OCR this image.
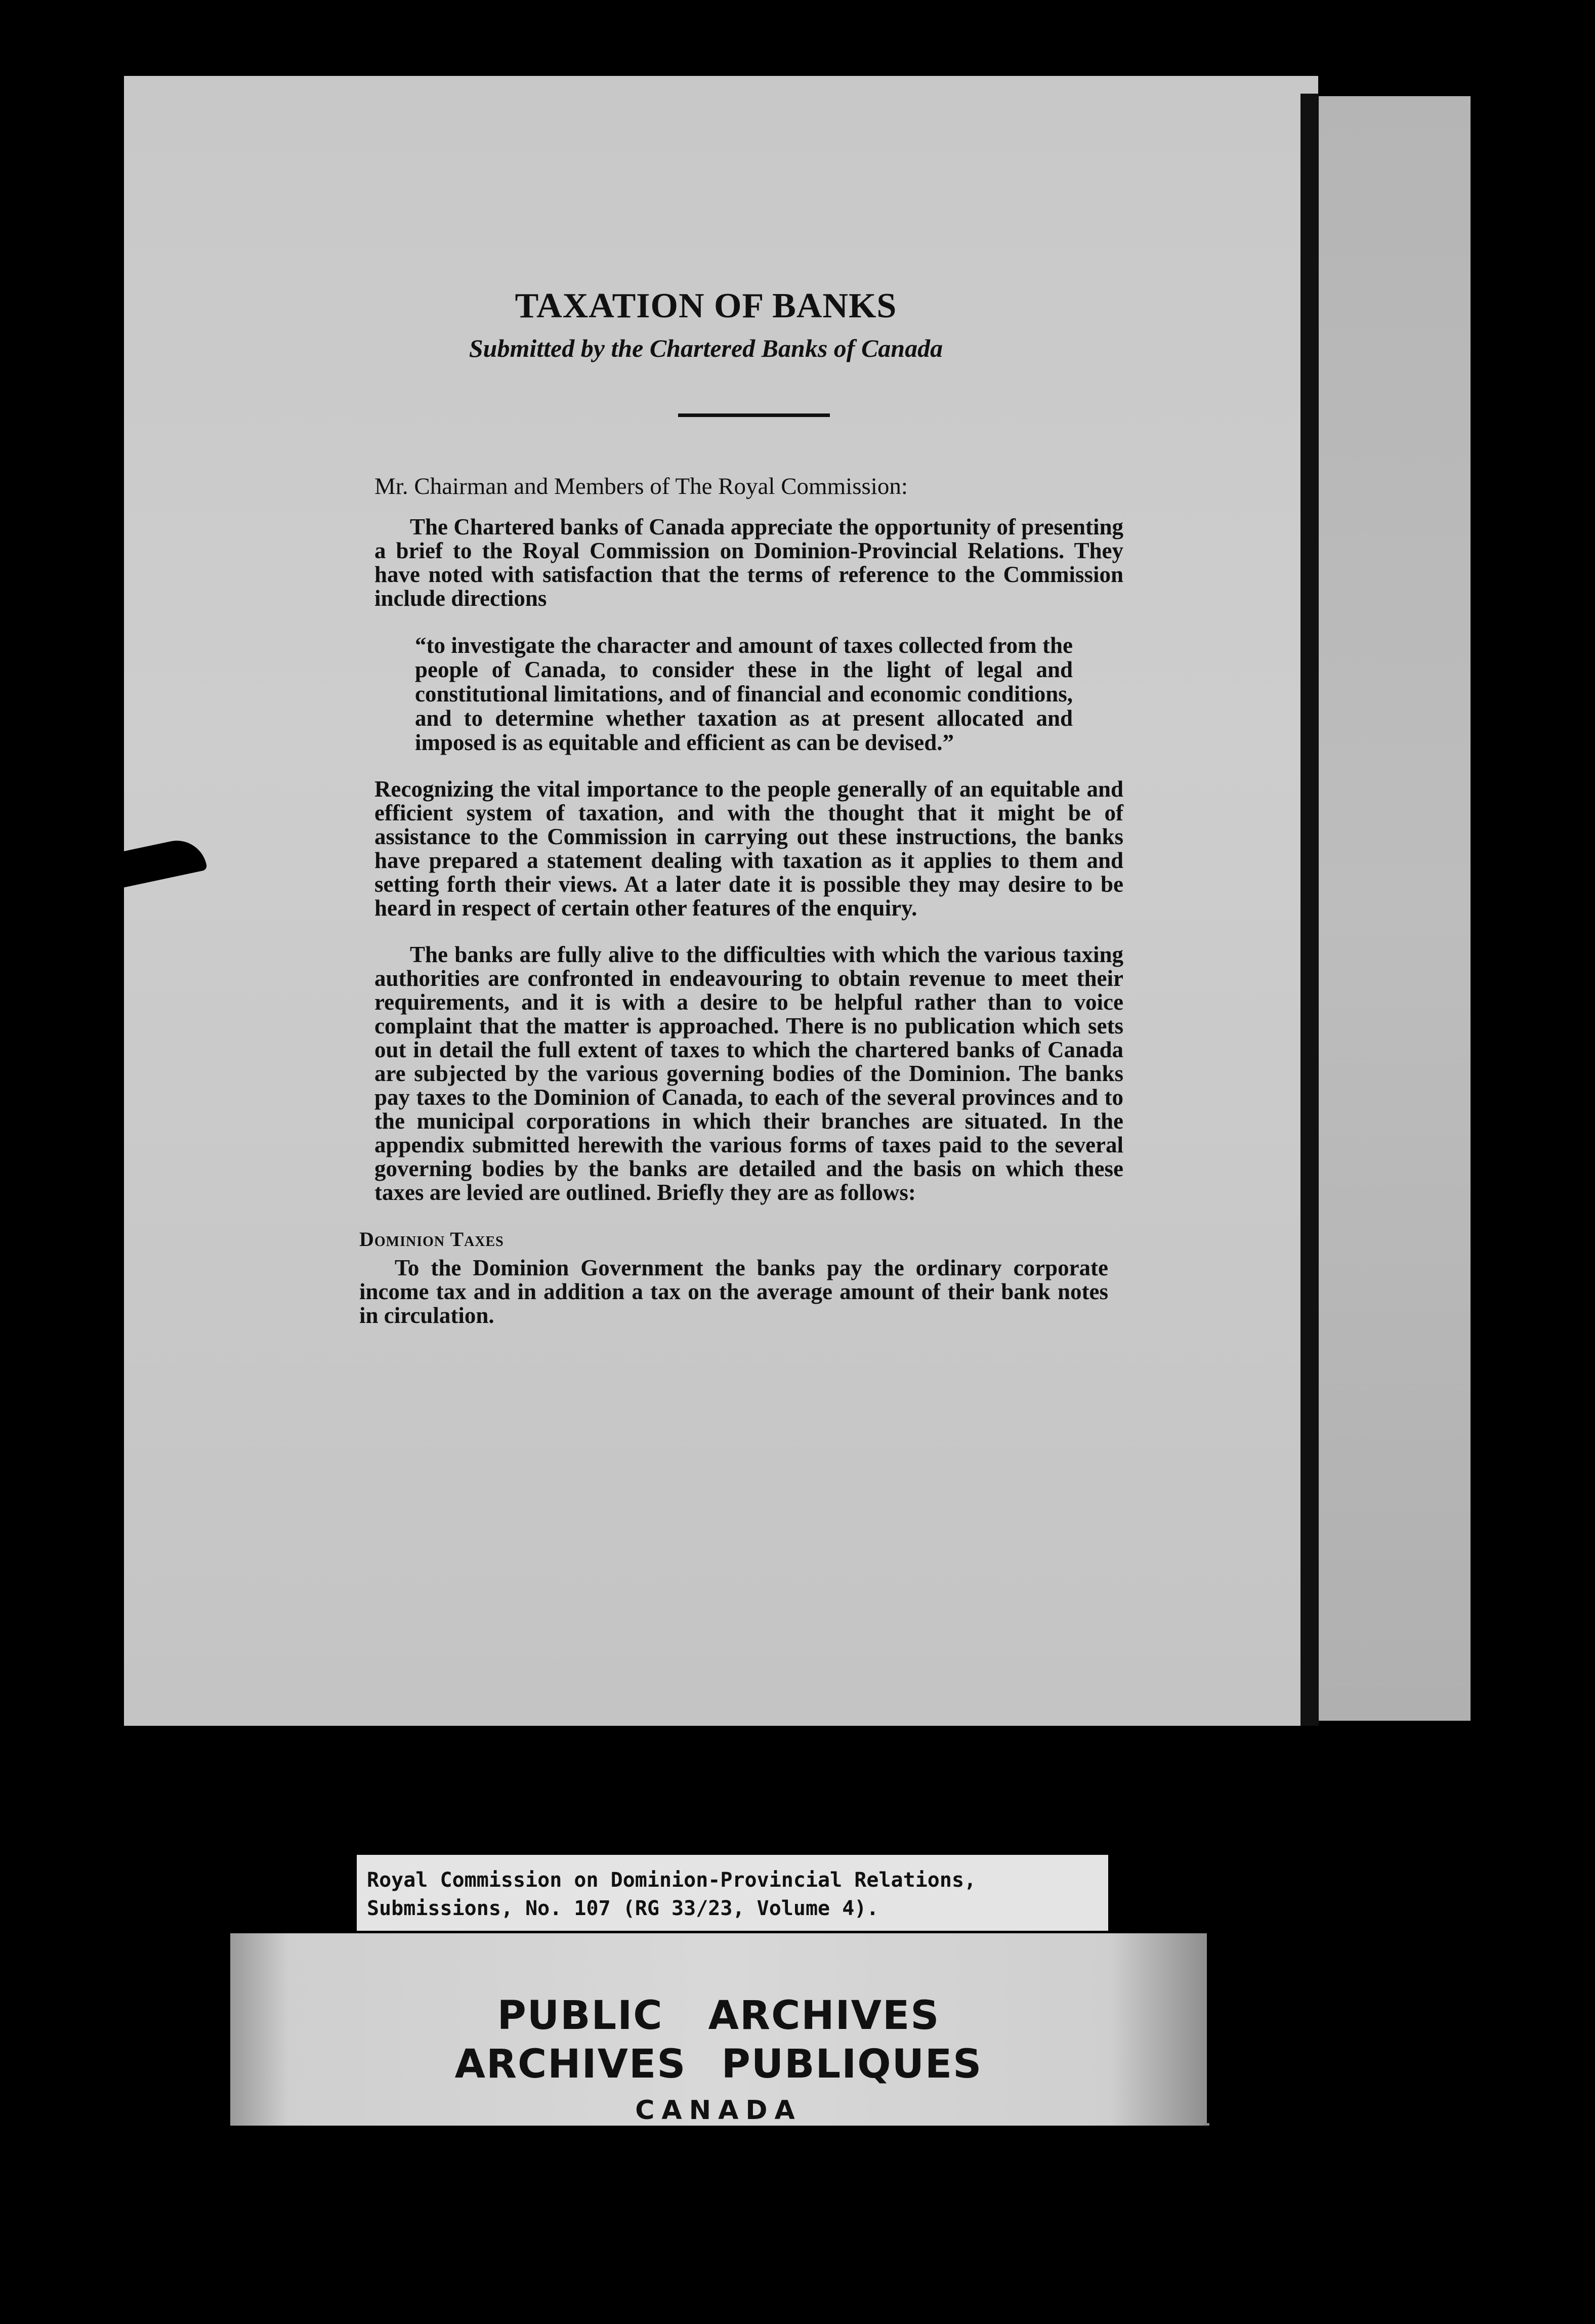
TAXATION OF BANKS
Submitted by the Chartered Banks of Canada
Mr. Chairman and Members of The Royal Commission:

The Chartered banks of Canada appreciate the opportunity of presenting a brief to the Royal Commission on Dominion-Provincial Relations. They have noted with satisfaction that the terms of reference to the Commission include directions

“to investigate the character and amount of taxes collected from the people of Canada, to consider these in the light of legal and constitutional limitations, and of financial and economic conditions, and to determine whether taxation as at present allocated and imposed is as equitable and efficient as can be devised.”

Recognizing the vital importance to the people generally of an equitable and efficient system of taxation, and with the thought that it might be of assistance to the Commission in carrying out these instructions, the banks have prepared a statement dealing with taxation as it applies to them and setting forth their views. At a later date it is possible they may desire to be heard in respect of certain other features of the enquiry.

The banks are fully alive to the difficulties with which the various taxing authorities are confronted in endeavouring to obtain revenue to meet their requirements, and it is with a desire to be helpful rather than to voice complaint that the matter is approached. There is no publication which sets out in detail the full extent of taxes to which the chartered banks of Canada are subjected by the various governing bodies of the Dominion. The banks pay taxes to the Dominion of Canada, to each of the several provinces and to the municipal corporations in which their branches are situated. In the appendix submitted herewith the various forms of taxes paid to the several governing bodies by the banks are detailed and the basis on which these taxes are levied are outlined. Briefly they are as follows:

Dominion Taxes

To the Dominion Government the banks pay the ordinary corporate income tax and in addition a tax on the average amount of their bank notes in circulation.

Royal Commission on Dominion-Provincial Relations,
Submissions, No. 107 (RG 33/23, Volume 4).
PUBLIC ARCHIVES
ARCHIVES PUBLIQUES
CANADA
